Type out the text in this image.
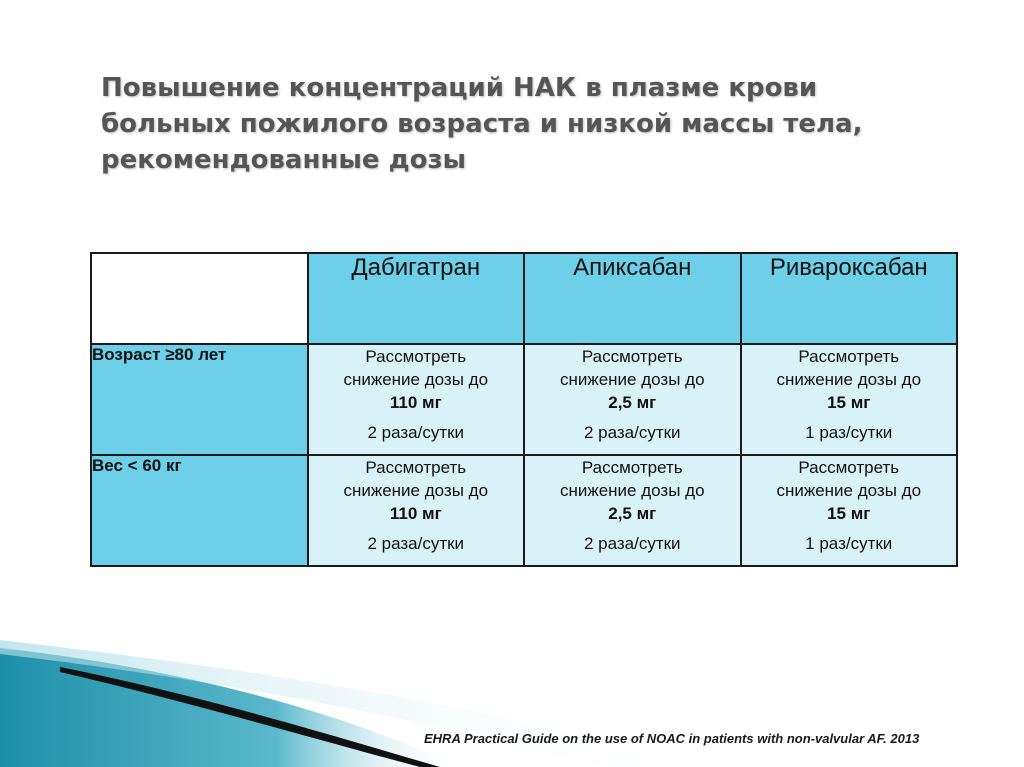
Повышение концентраций НАК в плазме крови
больных пожилого возраста и низкой массы тела,
рекомендованные дозы
	Дабигатран	Апиксабан	Ривароксабан
Возраст ≥80 лет	Рассмотреть
снижение дозы до
110 мг
2 раза/сутки	Рассмотреть
снижение дозы до
2,5 мг
2 раза/сутки	Рассмотреть
снижение дозы до
15 мг
1 раз/сутки

Вес < 60 кг	Рассмотреть
снижение дозы до
110 мг
2 раза/сутки	Рассмотреть
снижение дозы до
2,5 мг
2 раза/сутки	Рассмотреть
снижение дозы до
15 мг
1 раз/сутки
EHRA Practical Guide on the use of NOAC in patients with non-valvular AF. 2013
